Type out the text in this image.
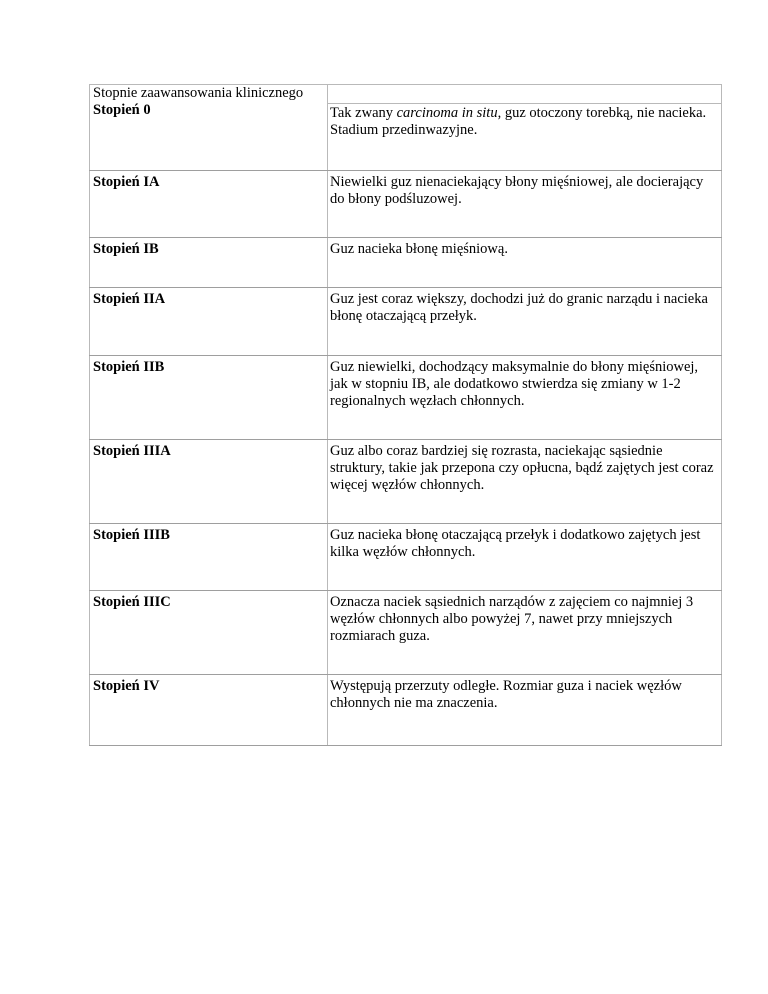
Stopnie zaawansowania klinicznego
Stopień 0	Tak zwany carcinoma in situ, guz otoczony torebką, nie nacieka. Stadium przedinwazyjne.
Stopień IA	Niewielki guz nienaciekający błony mięśniowej, ale docierający do błony podśluzowej.
Stopień IB	Guz nacieka błonę mięśniową.
Stopień IIA	Guz jest coraz większy, dochodzi już do granic narządu i nacieka błonę otaczającą przełyk.
Stopień IIB	Guz niewielki, dochodzący maksymalnie do błony mięśniowej, jak w stopniu IB, ale dodatkowo stwierdza się zmiany w 1-2 regionalnych węzłach chłonnych.
Stopień IIIA	Guz albo coraz bardziej się rozrasta, naciekając sąsiednie struktury, takie jak przepona czy opłucna, bądź zajętych jest coraz więcej węzłów chłonnych.
Stopień IIIB	Guz nacieka błonę otaczającą przełyk i dodatkowo zajętych jest kilka węzłów chłonnych.
Stopień IIIC	Oznacza naciek sąsiednich narządów z zajęciem co najmniej 3 węzłów chłonnych albo powyżej 7, nawet przy mniejszych rozmiarach guza.
Stopień IV	Występują przerzuty odległe. Rozmiar guza i naciek węzłów chłonnych nie ma znaczenia.
